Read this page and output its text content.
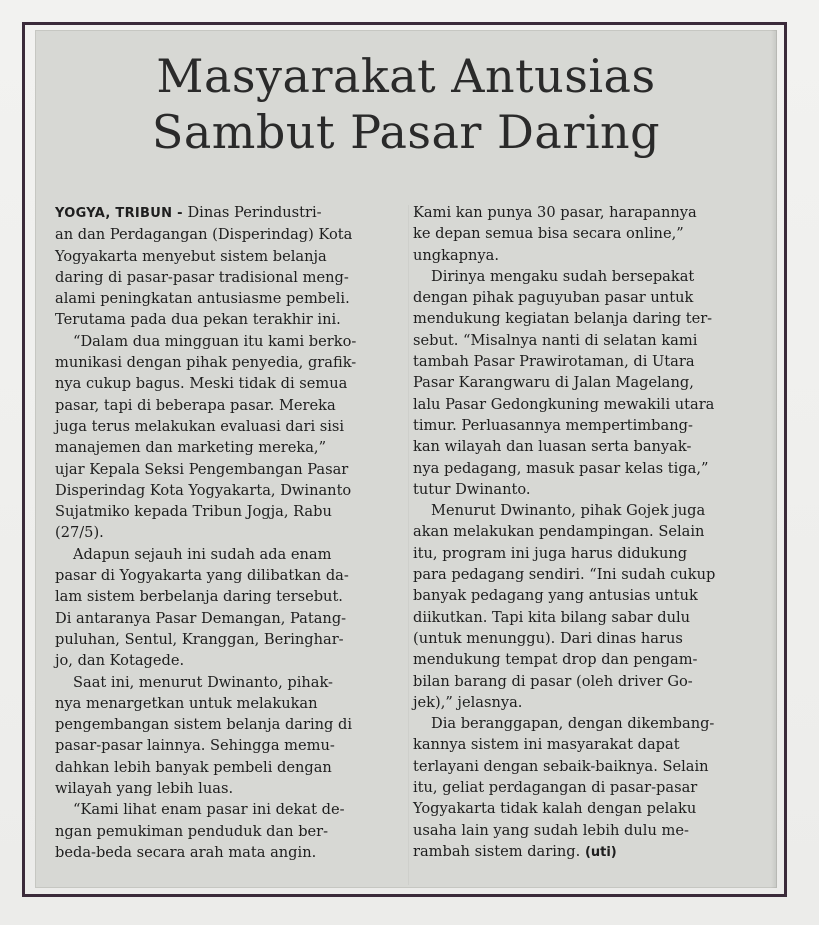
Masyarakat Antusias
Sambut Pasar Daring

YOGYA, TRIBUN - Dinas Perindustri-
an dan Perdagangan (Disperindag) Kota
Yogyakarta menyebut sistem belanja
daring di pasar-pasar tradisional meng-
alami peningkatan antusiasme pembeli.
Terutama pada dua pekan terakhir ini.

“Dalam dua mingguan itu kami berko-
munikasi dengan pihak penyedia, grafik-
nya cukup bagus. Meski tidak di semua
pasar, tapi di beberapa pasar. Mereka
juga terus melakukan evaluasi dari sisi
manajemen dan marketing mereka,”
ujar Kepala Seksi Pengembangan Pasar
Disperindag Kota Yogyakarta, Dwinanto
Sujatmiko kepada Tribun Jogja, Rabu
(27/5).

Adapun sejauh ini sudah ada enam
pasar di Yogyakarta yang dilibatkan da-
lam sistem berbelanja daring tersebut.
Di antaranya Pasar Demangan, Patang-
puluhan, Sentul, Kranggan, Beringhar-
jo, dan Kotagede.

Saat ini, menurut Dwinanto, pihak-
nya menargetkan untuk melakukan
pengembangan sistem belanja daring di
pasar-pasar lainnya. Sehingga memu-
dahkan lebih banyak pembeli dengan
wilayah yang lebih luas.

“Kami lihat enam pasar ini dekat de-
ngan pemukiman penduduk dan ber-
beda-beda secara arah mata angin.

Kami kan punya 30 pasar, harapannya
ke depan semua bisa secara online,”
ungkapnya.

Dirinya mengaku sudah bersepakat
dengan pihak paguyuban pasar untuk
mendukung kegiatan belanja daring ter-
sebut. “Misalnya nanti di selatan kami
tambah Pasar Prawirotaman, di Utara
Pasar Karangwaru di Jalan Magelang,
lalu Pasar Gedongkuning mewakili utara
timur. Perluasannya mempertimbang-
kan wilayah dan luasan serta banyak-
nya pedagang, masuk pasar kelas tiga,”
tutur Dwinanto.

Menurut Dwinanto, pihak Gojek juga
akan melakukan pendampingan. Selain
itu, program ini juga harus didukung
para pedagang sendiri. “Ini sudah cukup
banyak pedagang yang antusias untuk
diikutkan. Tapi kita bilang sabar dulu
(untuk menunggu). Dari dinas harus
mendukung tempat drop dan pengam-
bilan barang di pasar (oleh driver Go-
jek),” jelasnya.

Dia beranggapan, dengan dikembang-
kannya sistem ini masyarakat dapat
terlayani dengan sebaik-baiknya. Selain
itu, geliat perdagangan di pasar-pasar
Yogyakarta tidak kalah dengan pelaku
usaha lain yang sudah lebih dulu me-
rambah sistem daring. (uti)
